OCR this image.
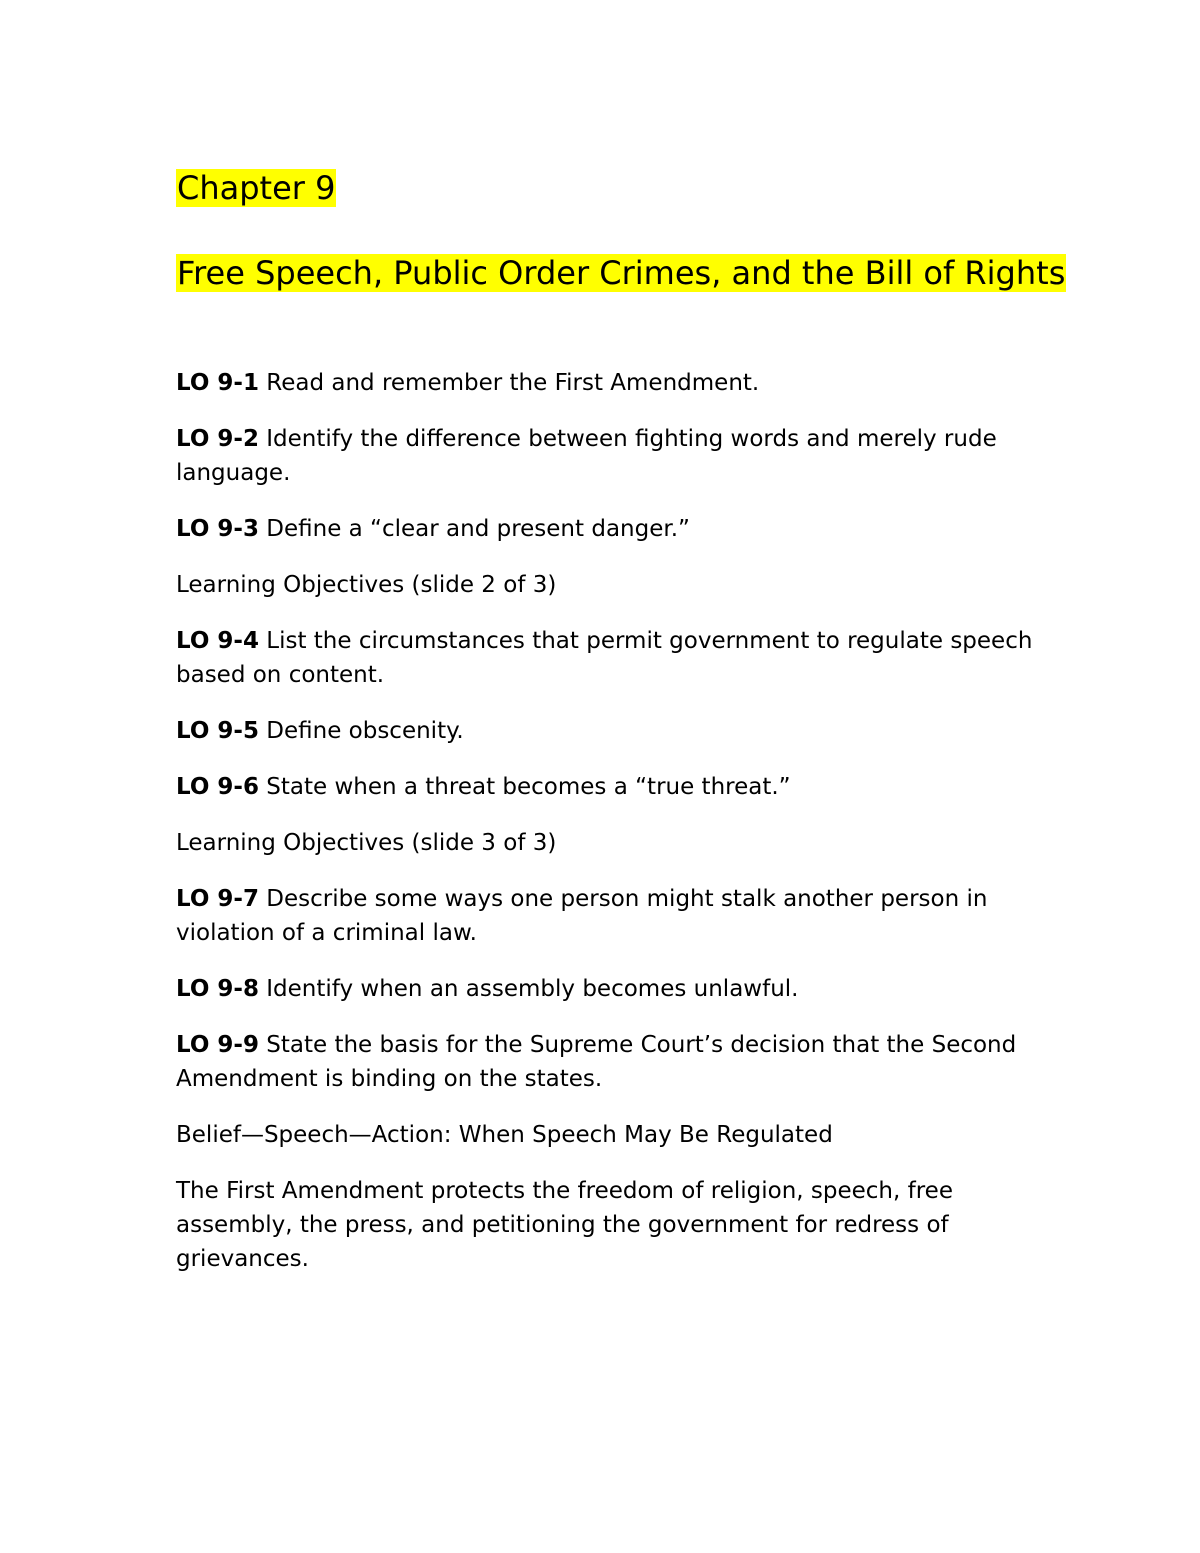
Chapter 9
Free Speech, Public Order Crimes, and the Bill of Rights

LO 9-1 Read and remember the First Amendment.

LO 9-2 Identify the difference between fighting words and merely rude language.

LO 9-3 Define a “clear and present danger.”

Learning Objectives (slide 2 of 3)

LO 9-4 List the circumstances that permit government to regulate speech based on content.

LO 9-5 Define obscenity.

LO 9-6 State when a threat becomes a “true threat.”

Learning Objectives (slide 3 of 3)

LO 9-7 Describe some ways one person might stalk another person in violation of a criminal law.

LO 9-8 Identify when an assembly becomes unlawful.

LO 9-9 State the basis for the Supreme Court’s decision that the Second Amendment is binding on the states.

Belief—Speech—Action: When Speech May Be Regulated

The First Amendment protects the freedom of religion, speech, free assembly, the press, and petitioning the government for redress of grievances.
